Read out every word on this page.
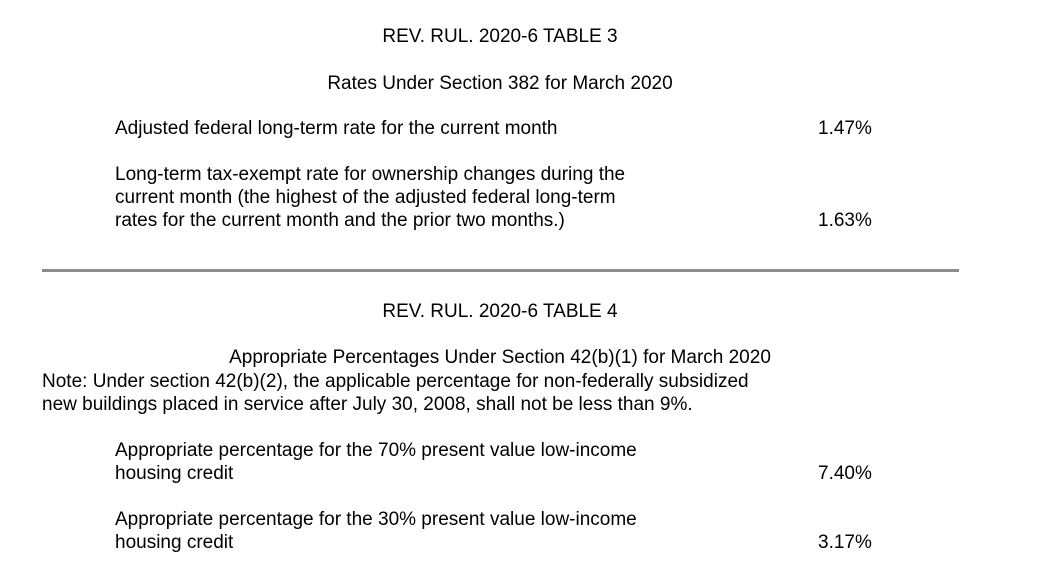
REV. RUL. 2020-6 TABLE 3
Rates Under Section 382 for March 2020
Adjusted federal long-term rate for the current month	1.47%
Long-term tax-exempt rate for ownership changes during the
current month (the highest of the adjusted federal long-term
rates for the current month and the prior two months.)	1.63%
REV. RUL. 2020-6 TABLE 4
Appropriate Percentages Under Section 42(b)(1) for March 2020
Note: Under section 42(b)(2), the applicable percentage for non-federally subsidized
new buildings placed in service after July 30, 2008, shall not be less than 9%.
Appropriate percentage for the 70% present value low-income
housing credit	7.40%
Appropriate percentage for the 30% present value low-income
housing credit	3.17%
